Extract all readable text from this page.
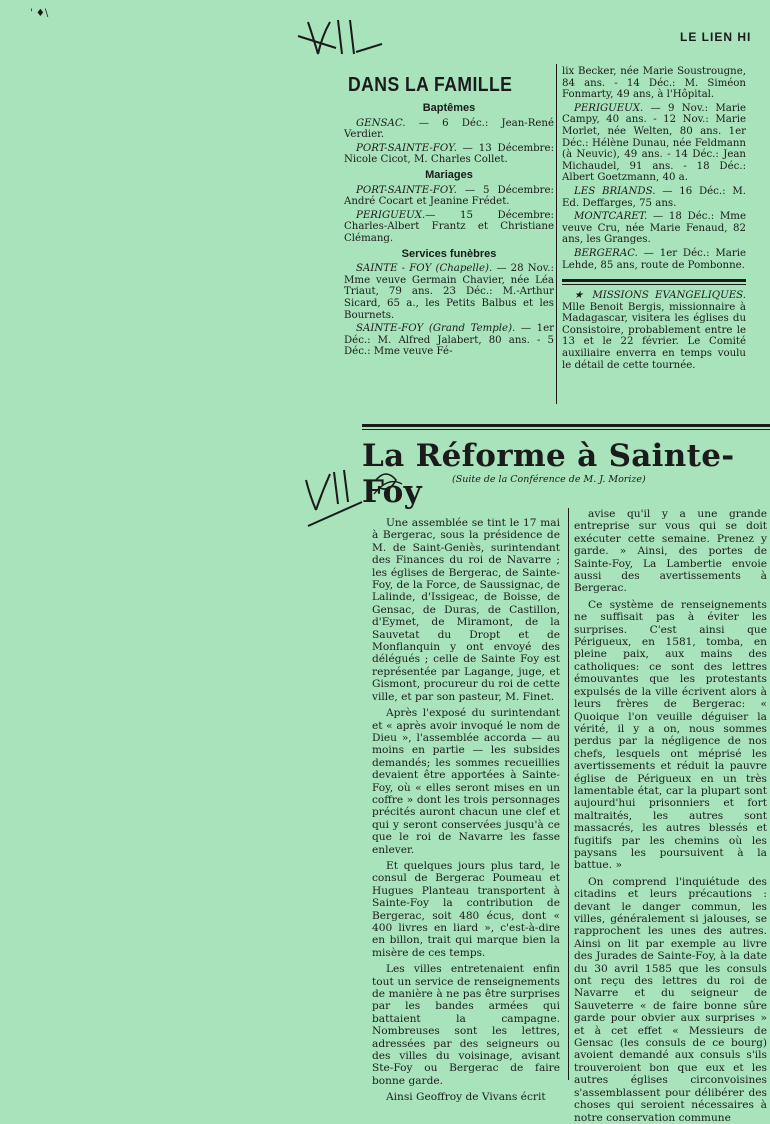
' ♦\
LE LIEN HI
DANS LA FAMILLE
Baptêmes

GENSAC. — 6 Déc.: Jean-René Verdier.

PORT-SAINTE-FOY. — 13 Décembre: Nicole Cicot, M. Charles Collet.

Mariages

PORT-SAINTE-FOY. — 5 Décembre: André Cocart et Jeanine Frédet.

PERIGUEUX.— 15 Décembre: Charles-Albert Frantz et Christiane Clémang.

Services funèbres

SAINTE - FOY (Chapelle). — 28 Nov.: Mme veuve Germain Chavier, née Léa Triaut, 79 ans. 23 Déc.: M.-Arthur Sicard, 65 a., les Petits Balbus et les Bournets.

SAINTE-FOY (Grand Temple). — 1er Déc.: M. Alfred Jalabert, 80 ans. - 5 Déc.: Mme veuve Fé-

lix Becker, née Marie Soustrougne, 84 ans. - 14 Déc.: M. Siméon Fonmarty, 49 ans, à l'Hôpital.

PERIGUEUX. — 9 Nov.: Marie Campy, 40 ans. - 12 Nov.: Marie Morlet, née Welten, 80 ans. 1er Déc.: Hélène Dunau, née Feldmann (à Neuvic), 49 ans. - 14 Déc.: Jean Michaudel, 91 ans. - 18 Déc.: Albert Goetzmann, 40 a.

LES BRIANDS. — 16 Déc.: M. Ed. Deffarges, 75 ans.

MONTCARET. — 18 Déc.: Mme veuve Cru, née Marie Fenaud, 82 ans, les Granges.

BERGERAC. — 1er Déc.: Marie Lehde, 85 ans, route de Pombonne.

★ MISSIONS EVANGELIQUES. Mlle Benoit Bergis, missionnaire à Madagascar, visitera les églises du Consistoire, probablement entre le 13 et le 22 février. Le Comité auxiliaire enverra en temps voulu le détail de cette tournée.

La Réforme à Sainte-Foy	(Suite de la Conférence de M. J. Morize)

Une assemblée se tint le 17 mai à Bergerac, sous la présidence de M. de Saint-Geniès, surintendant des Finances du roi de Navarre ; les églises de Bergerac, de Sainte-Foy, de la Force, de Saussignac, de Lalinde, d'Issigeac, de Boisse, de Gensac, de Duras, de Castillon, d'Eymet, de Miramont, de la Sauvetat du Dropt et de Monflanquin y ont envoyé des délégués ; celle de Sainte Foy est représentée par Lagange, juge, et Gismont, procureur du roi de cette ville, et par son pasteur, M. Finet.

Après l'exposé du surintendant et « après avoir invoqué le nom de Dieu », l'assemblée accorda — au moins en partie — les subsides demandés; les sommes recueillies devaient être apportées à Sainte-Foy, où « elles seront mises en un coffre » dont les trois personnages précités auront chacun une clef et qui y seront conservées jusqu'à ce que le roi de Navarre les fasse enlever.

Et quelques jours plus tard, le consul de Bergerac Poumeau et Hugues Planteau transportent à Sainte-Foy la contribution de Bergerac, soit 480 écus, dont « 400 livres en liard », c'est-à-dire en billon, trait qui marque bien la misère de ces temps.

Les villes entretenaient enfin tout un service de renseignements de manière à ne pas être surprises par les bandes armées qui battaient la campagne. Nombreuses sont les lettres, adressées par des seigneurs ou des villes du voisinage, avisant Ste-Foy ou Bergerac de faire bonne garde.

Ainsi Geoffroy de Vivans écrit

avise qu'il y a une grande entreprise sur vous qui se doit exécuter cette semaine. Prenez y garde. » Ainsi, des portes de Sainte-Foy, La Lambertie envoie aussi des avertissements à Bergerac.

Ce système de renseignements ne suffisait pas à éviter les surprises. C'est ainsi que Périgueux, en 1581, tomba, en pleine paix, aux mains des catholiques: ce sont des lettres émouvantes que les protestants expulsés de la ville écrivent alors à leurs frères de Bergerac: « Quoique l'on veuille déguiser la vérité, il y a on, nous sommes perdus par la négligence de nos chefs, lesquels ont méprisé les avertissements et réduit la pauvre église de Périgueux en un très lamentable état, car la plupart sont aujourd'hui prisonniers et fort maltraités, les autres sont massacrés, les autres blessés et fugitifs par les chemins où les paysans les poursuivent à la battue. »

On comprend l'inquiétude des citadins et leurs précautions : devant le danger commun, les villes, généralement si jalouses, se rapprochent les unes des autres. Ainsi on lit par exemple au livre des Jurades de Sainte-Foy, à la date du 30 avril 1585 que les consuls ont reçu des lettres du roi de Navarre et du seigneur de Sauveterre « de faire bonne sûre garde pour obvier aux surprises » et à cet effet « Messieurs de Gensac (les consuls de ce bourg) avoient demandé aux consuls s'ils trouveroient bon que eux et les autres églises circonvoisines s'assemblassent pour délibérer des choses qui seroient nécessaires à notre conservation commune
